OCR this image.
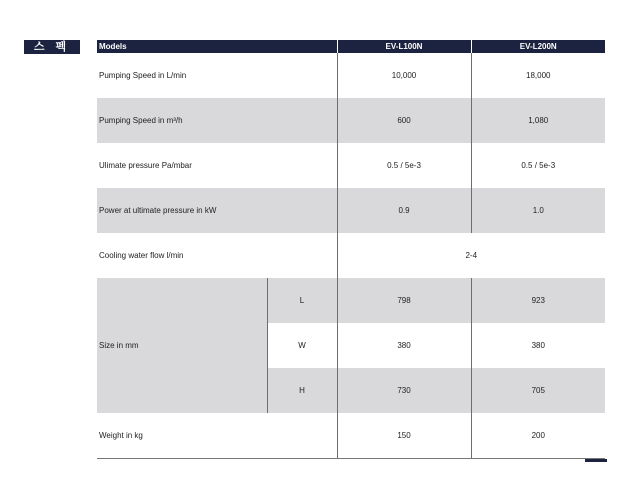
스 펙	Models		EV-L100N	EV-L200N
Pumping Speed in L/min		10,000	18,000
Pumping Speed in m³/h		600	1,080
Ulimate pressure Pa/mbar		0.5 / 5e-3	0.5 / 5e-3
Power at ultimate pressure in kW		0.9	1.0
Cooling water flow l/min		2-4	
Size in mm	L	798	923
	W	380	380
	H	730	705
Weight in kg		150	200
